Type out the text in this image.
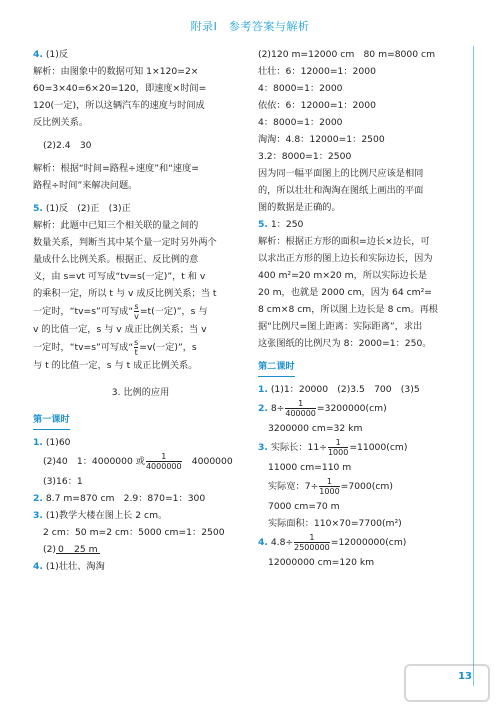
附录Ⅰ　参考答案与解析

4. (1)反

解析：由图象中的数据可知 1×120=2×

60=3×40=6×20=120，即速度×时间=

120(一定)，所以这辆汽车的速度与时间成

反比例关系。

(2)2.4　30

解析：根据“时间=路程÷速度”和“速度=

路程÷时间”来解决问题。

5. (1)反　(2)正　(3)正

解析：此题中已知三个相关联的量之间的

数量关系，判断当其中某个量一定时另外两个

量成什么比例关系。根据正、反比例的意

义，由 s=vt 可写成“tv=s(一定)”，t 和 v

的乘积一定，所以 t 与 v 成反比例关系；当 t

一定时，“tv=s”可写成“ $\frac{s}{v} =t$(一定)”，s 与

v 的比值一定，s 与 v 成正比例关系；当 v

一定时，“tv=s”可写成“ $\frac{s}{t} =v$(一定)”，s

与 t 的比值一定，s 与 t 成正比例关系。

3. 比例的应用

第一课时

1. (1)60

(2)40　1：4000000 或 $\frac{1}{4000000}$ 　4000000

(3)16：1

2. 8.7 m=870 cm　2.9：870=1：300

3. (1)教学大楼在图上长 2 cm。

2 cm：50 m=2 cm：5000 cm=1：2500

(2) 0 25 m

4. (1)壮壮、淘淘

(2)120 m=12000 cm　80 m=8000 cm

壮壮：6：12000=1：2000

4：8000=1：2000

依依：6：12000=1：2000

4：8000=1：2000

淘淘：4.8：12000=1：2500

3.2：8000=1：2500

因为同一幅平面图上的比例尺应该是相同

的，所以壮壮和淘淘在图纸上画出的平面

图的数据是正确的。

5. 1：250

解析：根据正方形的面积=边长×边长，可

以求出正方形的图上边长和实际边长，因为

400 m²=20 m×20 m，所以实际边长是

20 m，也就是 2000 cm，因为 64 cm²=

8 cm×8 cm，所以图上边长是 8 cm。再根

据“比例尺=图上距离：实际距离”，求出

这张图纸的比例尺为 8：2000=1：250。

第二课时

1. (1)1：20000　(2)3.5　700　(3)5

2. $8\div \frac{1}{400000} =3200000(cm)$

3200000 cm=32 km

3. 实际长：$11\div \frac{1}{1000} =11000(cm)$

11000 cm=110 m

实际宽：$7\div \frac{1}{1000} =7000(cm)$

7000 cm=70 m

实际面积：110×70=7700(m²)

4. $4.8\div \frac{1}{2500000} =12000000(cm)$

12000000 cm=120 km

13
